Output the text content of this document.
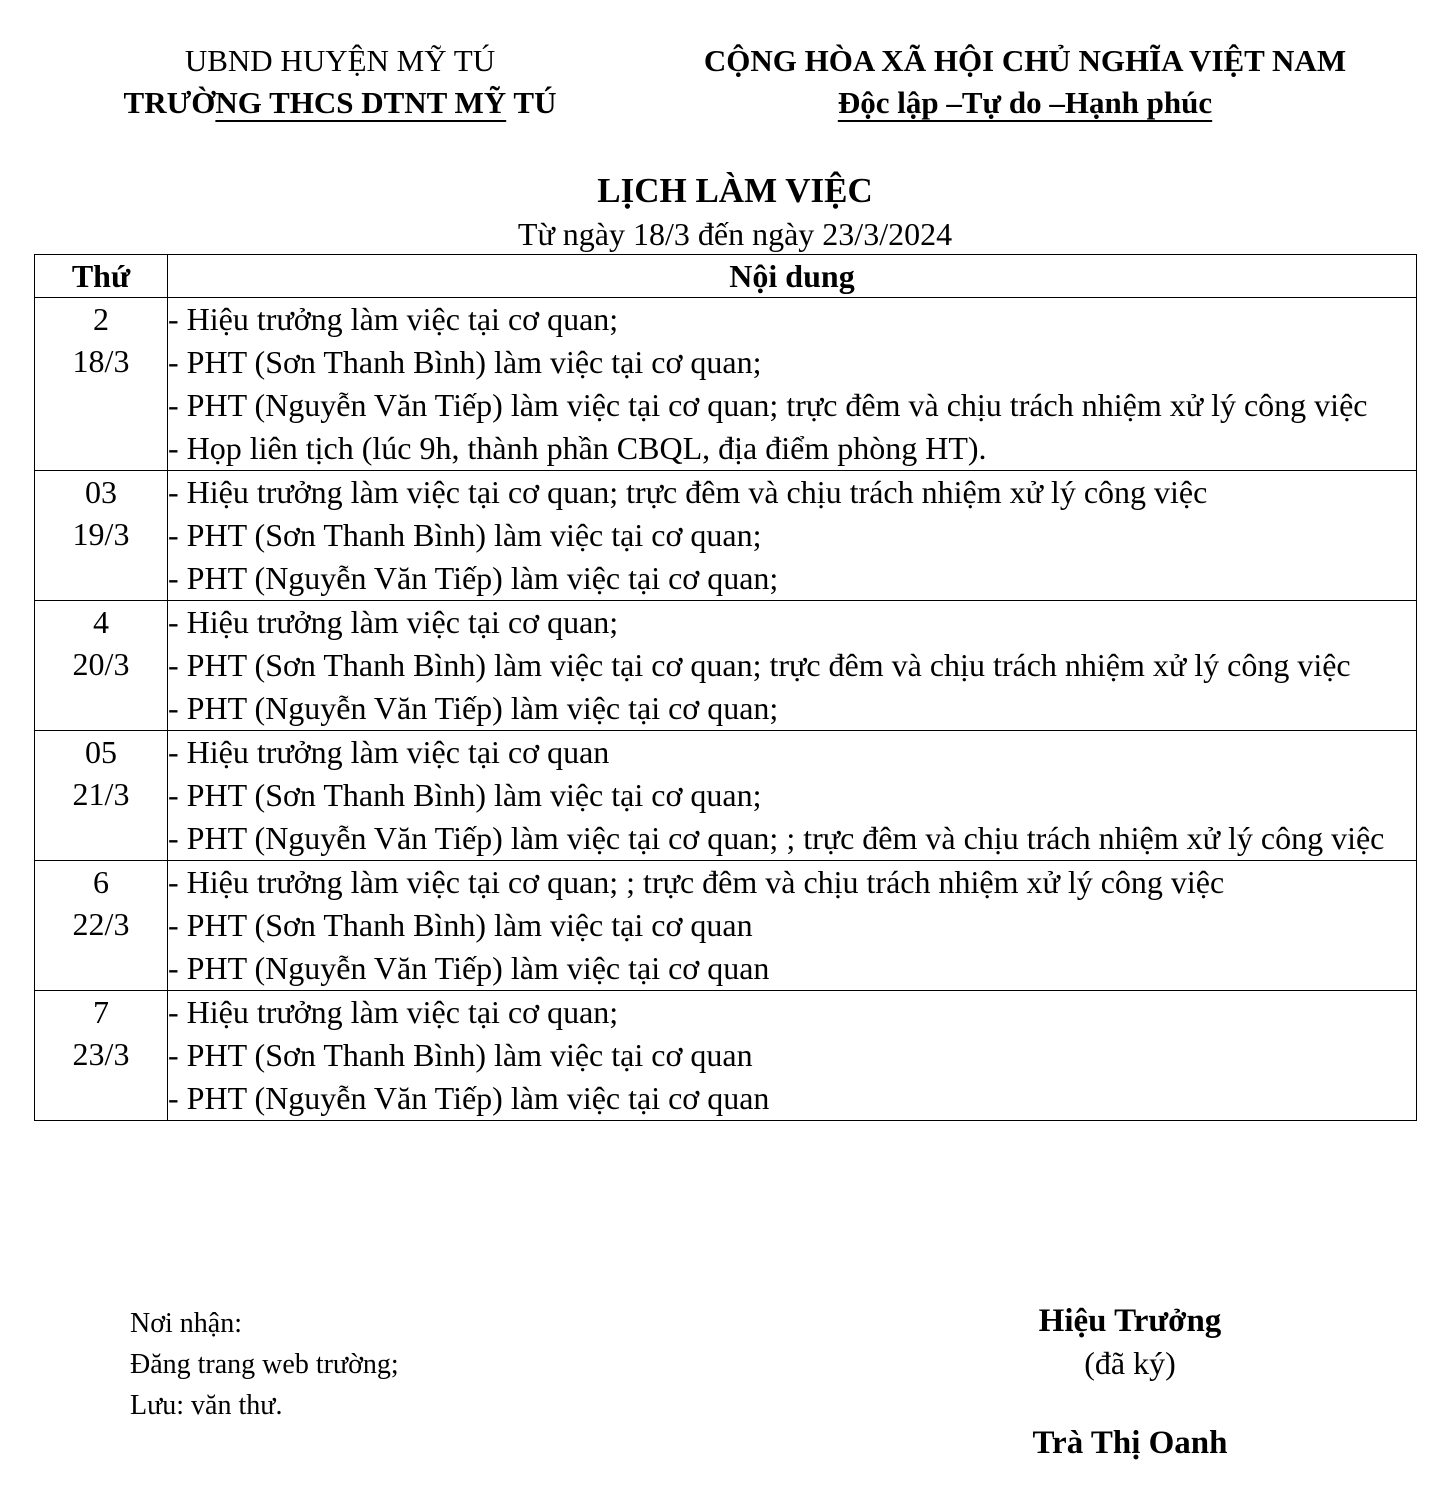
UBND HUYỆN MỸ TÚ
TRƯỜNG THCS DTNT MỸ TÚ
CỘNG HÒA XÃ HỘI CHỦ NGHĨA VIỆT NAM
Độc lập –Tự do –Hạnh phúc
LỊCH LÀM VIỆC
Từ ngày 18/3 đến ngày 23/3/2024
Thứ	Nội dung

2
18/3	- Hiệu trưởng làm việc tại cơ quan;
- PHT (Sơn Thanh Bình) làm việc tại cơ quan;
- PHT (Nguyễn Văn Tiếp) làm việc tại cơ quan; trực đêm và chịu trách nhiệm xử lý công việc
- Họp liên tịch (lúc 9h, thành phần CBQL, địa điểm phòng HT).

03
19/3	- Hiệu trưởng làm việc tại cơ quan; trực đêm và chịu trách nhiệm xử lý công việc
- PHT (Sơn Thanh Bình) làm việc tại cơ quan;
- PHT (Nguyễn Văn Tiếp) làm việc tại cơ quan;

4
20/3	- Hiệu trưởng làm việc tại cơ quan;
- PHT (Sơn Thanh Bình) làm việc tại cơ quan; trực đêm và chịu trách nhiệm xử lý công việc
- PHT (Nguyễn Văn Tiếp) làm việc tại cơ quan;

05
21/3	- Hiệu trưởng làm việc tại cơ quan
- PHT (Sơn Thanh Bình) làm việc tại cơ quan;
- PHT (Nguyễn Văn Tiếp) làm việc tại cơ quan; ; trực đêm và chịu trách nhiệm xử lý công việc

6
22/3	- Hiệu trưởng làm việc tại cơ quan; ; trực đêm và chịu trách nhiệm xử lý công việc
- PHT (Sơn Thanh Bình) làm việc tại cơ quan
- PHT (Nguyễn Văn Tiếp) làm việc tại cơ quan

7
23/3	- Hiệu trưởng làm việc tại cơ quan;
- PHT (Sơn Thanh Bình) làm việc tại cơ quan
- PHT (Nguyễn Văn Tiếp) làm việc tại cơ quan
Nơi nhận:
Đăng trang web trường;
Lưu: văn thư.
Hiệu Trưởng
(đã ký)
Trà Thị Oanh
